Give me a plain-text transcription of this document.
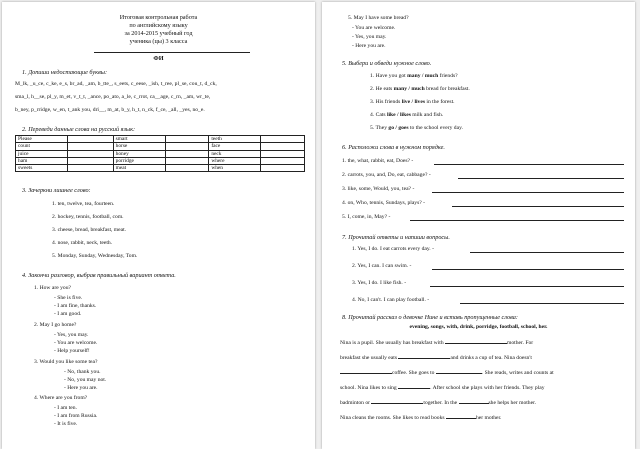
Итоговая контрольная работа
по английскому языку
за 2014-2015 учебный год
ученика (цы) 3 класса
ФИ
1. Допиши недостающие буквы:
M_lk, _u_ce, c_ke, e_s, br_ad, _am, b_tte_, s_eets, c_eese, _ish, t_ree, pl_se, cou_t, d_ck,
sma_l, h__se, pl_y, m_et, v_t_t, _ance, po_ato, a_le, c_rrot, ca__age, c_rn, _am, wr_te,
b_ney, p_rridge, w_en, t_ank you, dri__, m_at, b_y, h_t, n_ck, f_ce, _all, _yes, no_e.
2. Переведи данные слова на русский язык:
Please		smart		teeth	
count		horse		face	
juice		honey		neck	
ham		porridge		where	
sweets		meat		when	
3. Зачеркни лишнее слово:
1. ten, twelve, tea, fourteen.
2. hockey, tennis, football, com.
3. cheese, bread, breakfast, meat.
4. nose, rabbit, neck, teeth.
5. Monday, Sunday, Wednesday, Tom.
4. Закончи разговор, выбрав правильный вариант ответа.
1. How are you?
- She is five.
- I am fine, thanks.
- I am good.
2. May I go home?
- Yes, you may.
- You are welcome.
- Help yourself!
3. Would you like some tea?
- No, thank you.
- No, you may not.
- Here you are.
4. Where are you from?
- I am ten.
- I am from Russia.
- It is five.
5. May I have some bread?
- You are welcome.
- Yes, you may.
- Here you are.
5. Выбери и обведи нужное слово.
1. Have you got many / much friends?
2. He eats many / much bread for breakfast.
3. His friends live / lives in the forest.
4. Cats like / likes milk and fish.
5. They go / goes to the school every day.
6. Расположи слова в нужном порядке.
1. the, what, rabbit, eat, Does? -
2. carrots, you, and, Do, eat, cabbage? -
3. like, some, Would, you, tea? -
4. on, Who, tennis, Sundays, plays? -
5. I, come, in, May? -
7. Прочитай ответы и напиши вопросы.
1. Yes, I do. I eat carrots every day. -
2. Yes, I can. I can swim. -
3. Yes, I do. I like fish. -
4. No, I can't. I can play football. -
8. Прочитай рассказ о девочке Нине и вставь пропущенные слова:
evening, songs, with, drink, porridge, football, school, her.
Nina is a pupil. She usually has breakfast with	mother. For
breakfast she usually eats	and drinks a cup of tea. Nina doesn't
coffee. She goes to	. She reads, writes and counts at
school. Nina likes to sing	. After school she plays with her friends. They play
badminton or	together. In the	she helps her mother.
Nina cleans the rooms. She likes to read books	her mother.
